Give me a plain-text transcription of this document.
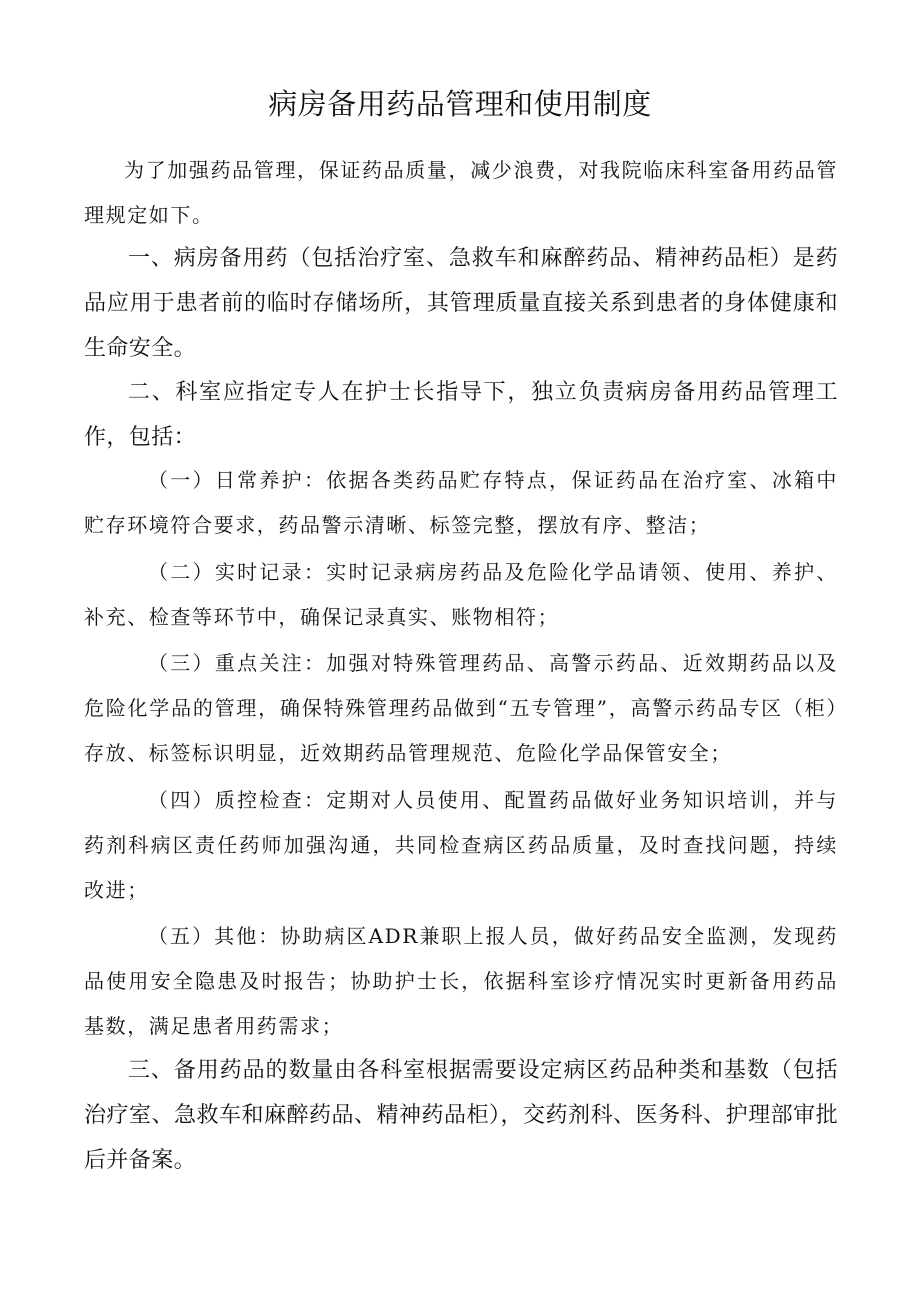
病房备用药品管理和使用制度

为了加强药品管理，保证药品质量，减少浪费，对我院临床科室备用药品管理规定如下。

一、病房备用药（包括治疗室、急救车和麻醉药品、精神药品柜）是药品应用于患者前的临时存储场所，其管理质量直接关系到患者的身体健康和生命安全。

二、科室应指定专人在护士长指导下，独立负责病房备用药品管理工作，包括：

（一）日常养护：依据各类药品贮存特点，保证药品在治疗室、冰箱中贮存环境符合要求，药品警示清晰、标签完整，摆放有序、整洁；

（二）实时记录：实时记录病房药品及危险化学品请领、使用、养护、补充、检查等环节中，确保记录真实、账物相符；

（三）重点关注：加强对特殊管理药品、高警示药品、近效期药品以及危险化学品的管理，确保特殊管理药品做到“五专管理”，高警示药品专区（柜）存放、标签标识明显，近效期药品管理规范、危险化学品保管安全；

（四）质控检查：定期对人员使用、配置药品做好业务知识培训，并与药剂科病区责任药师加强沟通，共同检查病区药品质量，及时查找问题，持续改进；

（五）其他：协助病区ADR兼职上报人员，做好药品安全监测，发现药品使用安全隐患及时报告；协助护士长，依据科室诊疗情况实时更新备用药品基数，满足患者用药需求；

三、备用药品的数量由各科室根据需要设定病区药品种类和基数（包括治疗室、急救车和麻醉药品、精神药品柜），交药剂科、医务科、护理部审批后并备案。
